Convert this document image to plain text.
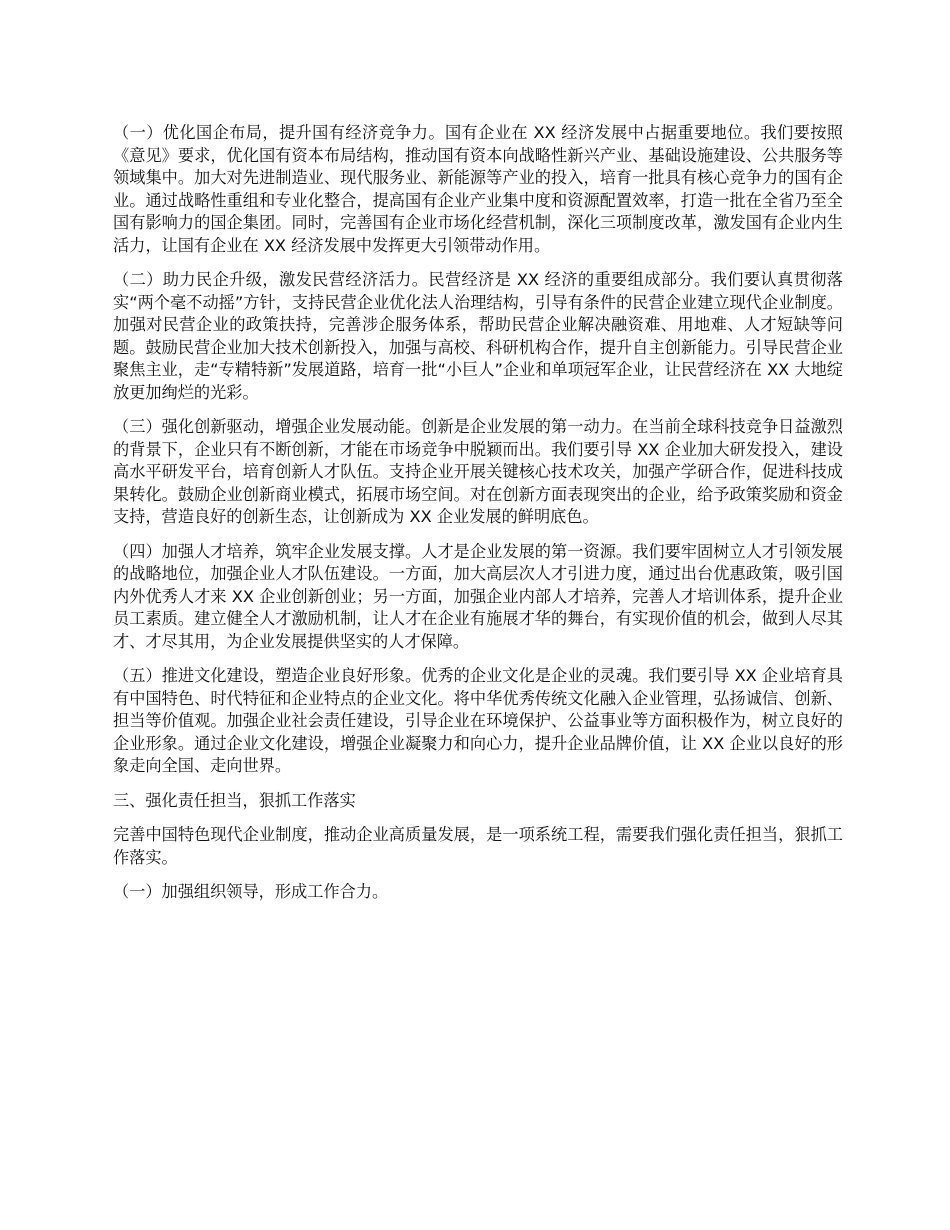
（一）优化国企布局，提升国有经济竞争力。国有企业在 XX 经济发展中占据重要地位。我们要按照《意见》要求，优化国有资本布局结构，推动国有资本向战略性新兴产业、基础设施建设、公共服务等领域集中。加大对先进制造业、现代服务业、新能源等产业的投入，培育一批具有核心竞争力的国有企业。通过战略性重组和专业化整合，提高国有企业产业集中度和资源配置效率，打造一批在全省乃至全国有影响力的国企集团。同时，完善国有企业市场化经营机制，深化三项制度改革，激发国有企业内生活力，让国有企业在 XX 经济发展中发挥更大引领带动作用。

（二）助力民企升级，激发民营经济活力。民营经济是 XX 经济的重要组成部分。我们要认真贯彻落实“两个毫不动摇”方针，支持民营企业优化法人治理结构，引导有条件的民营企业建立现代企业制度。加强对民营企业的政策扶持，完善涉企服务体系，帮助民营企业解决融资难、用地难、人才短缺等问题。鼓励民营企业加大技术创新投入，加强与高校、科研机构合作，提升自主创新能力。引导民营企业聚焦主业，走“专精特新”发展道路，培育一批“小巨人”企业和单项冠军企业，让民营经济在 XX 大地绽放更加绚烂的光彩。

（三）强化创新驱动，增强企业发展动能。创新是企业发展的第一动力。在当前全球科技竞争日益激烈的背景下，企业只有不断创新，才能在市场竞争中脱颖而出。我们要引导 XX 企业加大研发投入，建设高水平研发平台，培育创新人才队伍。支持企业开展关键核心技术攻关，加强产学研合作，促进科技成果转化。鼓励企业创新商业模式，拓展市场空间。对在创新方面表现突出的企业，给予政策奖励和资金支持，营造良好的创新生态，让创新成为 XX 企业发展的鲜明底色。

（四）加强人才培养，筑牢企业发展支撑。人才是企业发展的第一资源。我们要牢固树立人才引领发展的战略地位，加强企业人才队伍建设。一方面，加大高层次人才引进力度，通过出台优惠政策，吸引国内外优秀人才来 XX 企业创新创业；另一方面，加强企业内部人才培养，完善人才培训体系，提升企业员工素质。建立健全人才激励机制，让人才在企业有施展才华的舞台，有实现价值的机会，做到人尽其才、才尽其用，为企业发展提供坚实的人才保障。

（五）推进文化建设，塑造企业良好形象。优秀的企业文化是企业的灵魂。我们要引导 XX 企业培育具有中国特色、时代特征和企业特点的企业文化。将中华优秀传统文化融入企业管理，弘扬诚信、创新、担当等价值观。加强企业社会责任建设，引导企业在环境保护、公益事业等方面积极作为，树立良好的企业形象。通过企业文化建设，增强企业凝聚力和向心力，提升企业品牌价值，让 XX 企业以良好的形象走向全国、走向世界。

三、强化责任担当，狠抓工作落实

完善中国特色现代企业制度，推动企业高质量发展，是一项系统工程，需要我们强化责任担当，狠抓工作落实。

（一）加强组织领导，形成工作合力。
